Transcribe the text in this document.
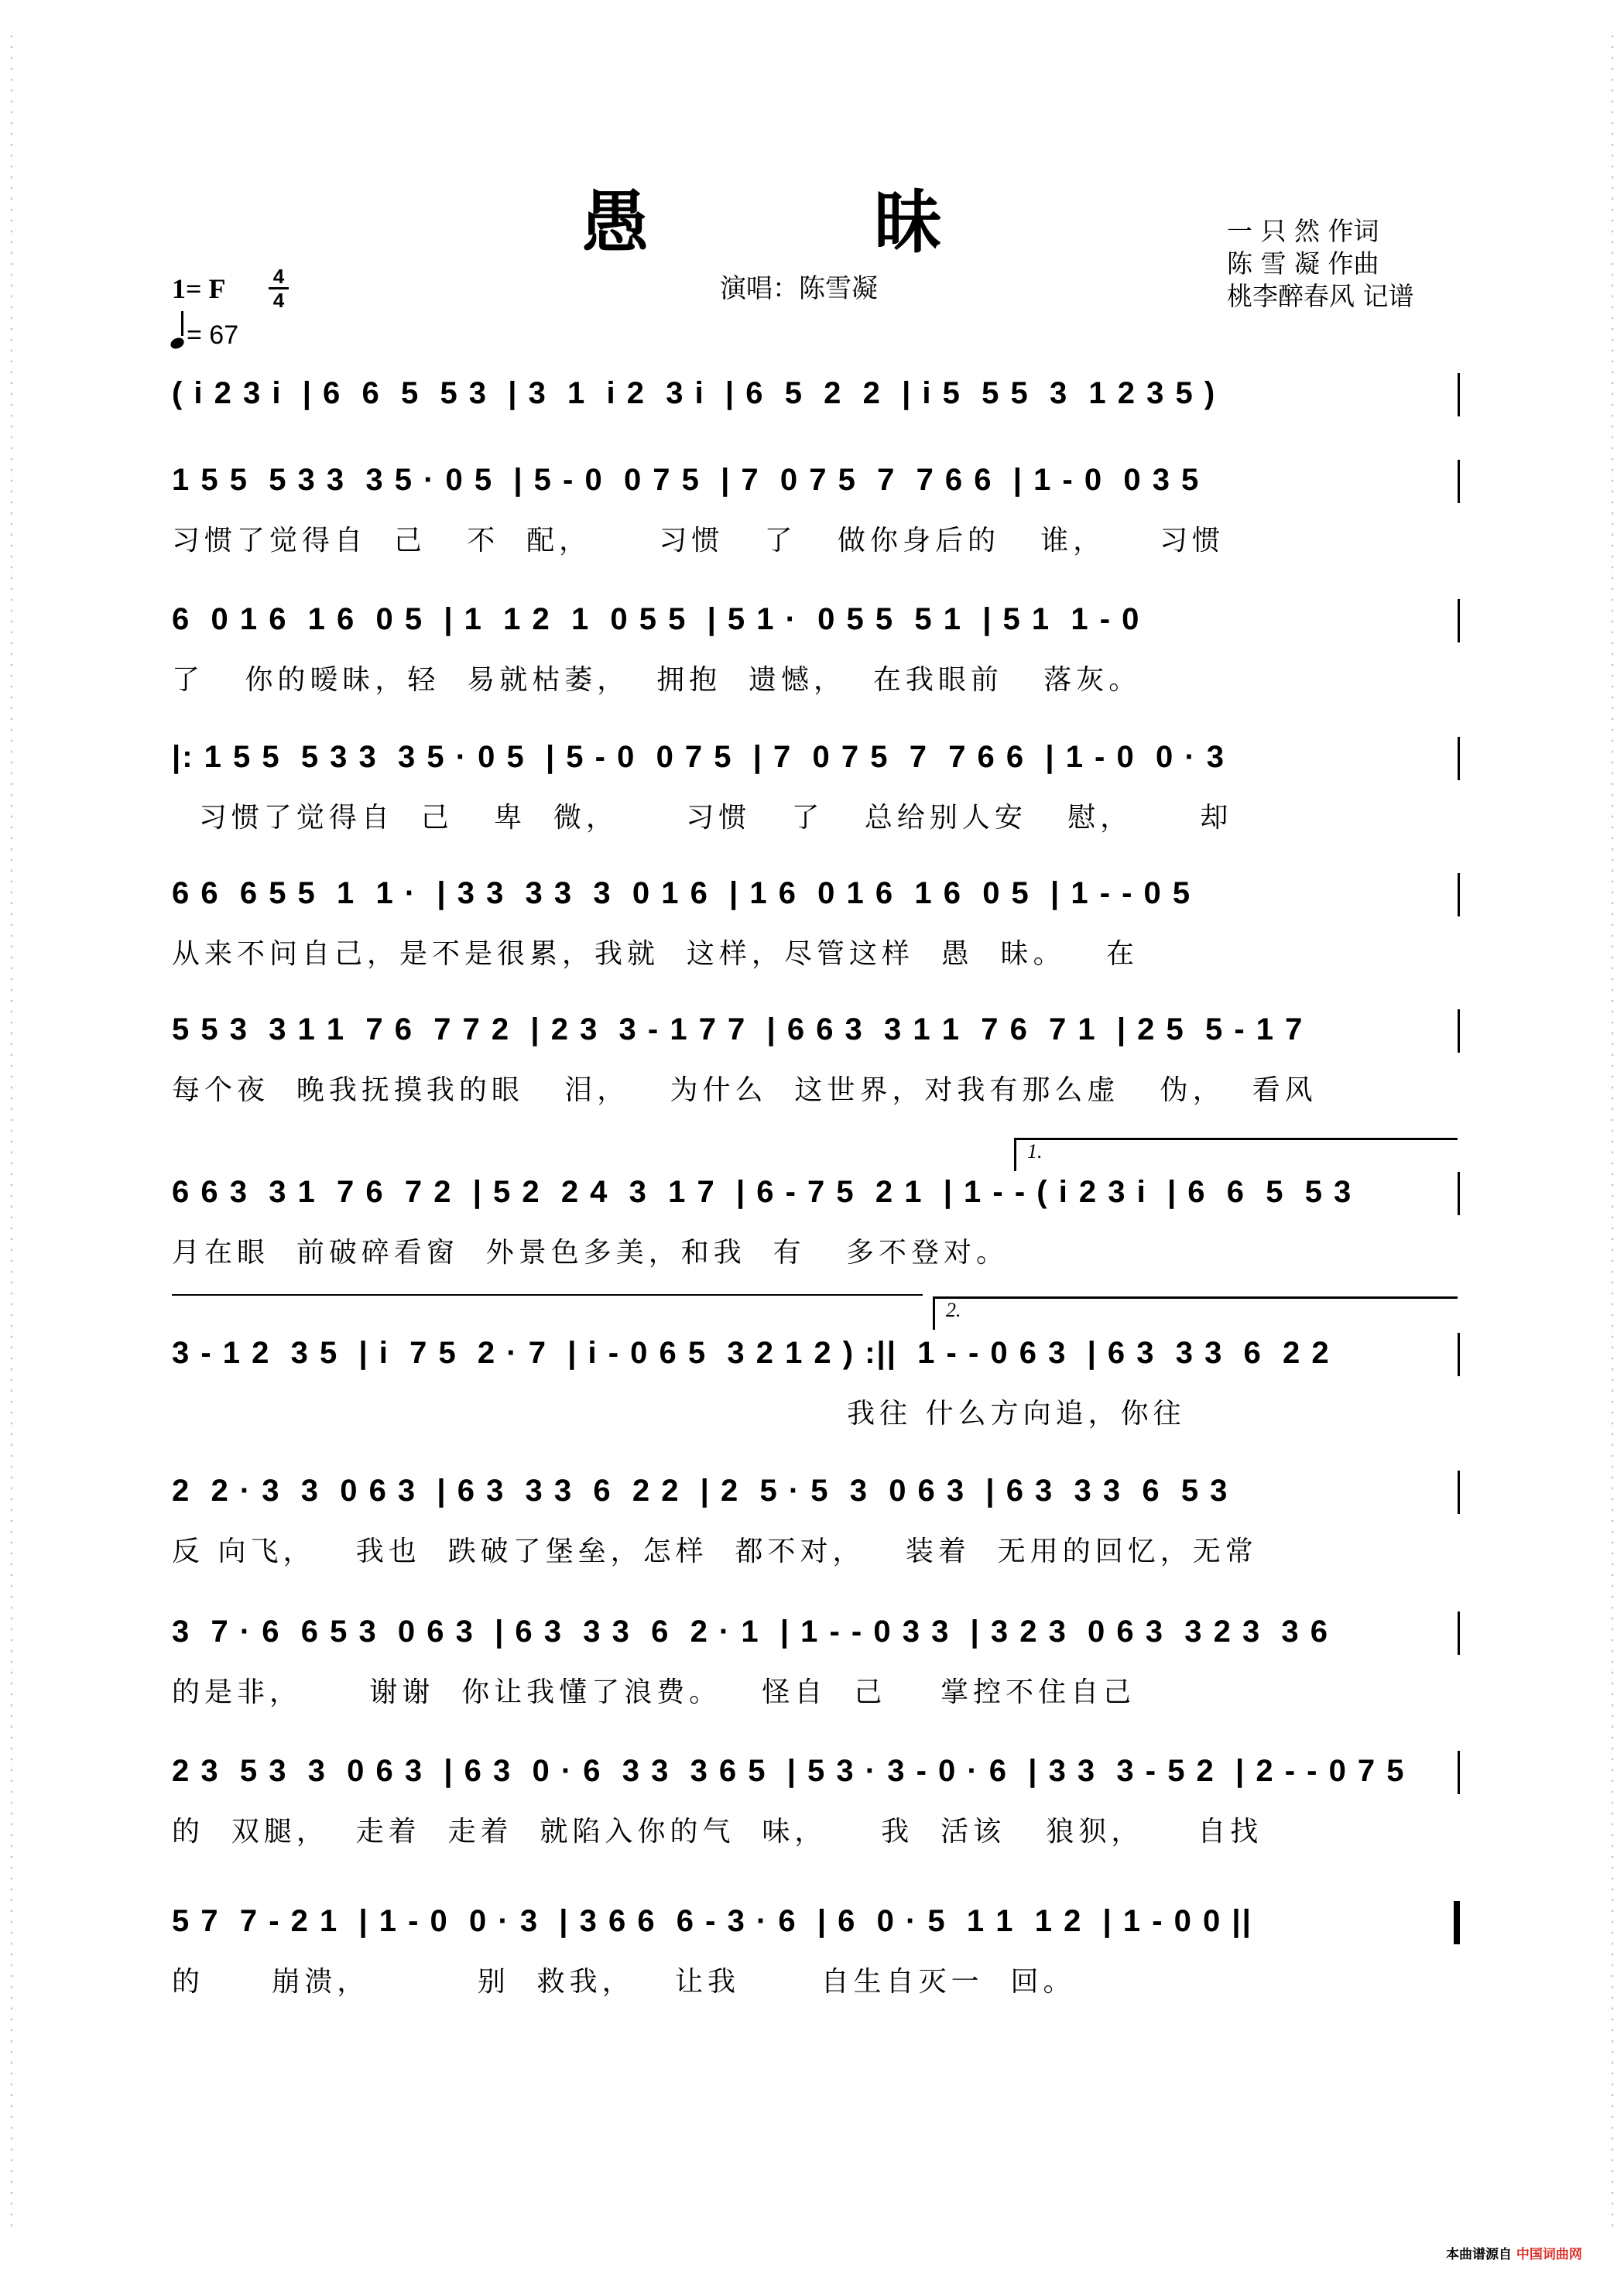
愚 昧	一 只 然 作词
陈 雪 凝 作曲
桃李醉春风 记谱
1= F 4
4
= 67
演唱：陈雪凝
( i 2 3 i  | 6  6  5  5 3  | 3  1  i 2  3 i  | 6  5  2  2  | i 5  5 5  3  1 2 3 5 )
1 5 5  5 3 3  3 5 · 0 5  | 5 - 0  0 7 5  | 7  0 7 5  7  7 6 6  | 1 - 0  0 3 5
习惯了觉得自  己   不  配，     习惯   了   做你身后的   谁，    习惯
6  0 1 6  1 6  0 5  | 1  1 2  1  0 5 5  | 5 1 ·  0 5 5  5 1  | 5 1  1 - 0
了   你的暧昧，轻  易就枯萎，  拥抱  遗憾，  在我眼前   落灰。
|: 1 5 5  5 3 3  3 5 · 0 5  | 5 - 0  0 7 5  | 7  0 7 5  7  7 6 6  | 1 - 0  0 · 3
习惯了觉得自  己   卑  微，     习惯   了   总给别人安   慰，     却
6 6  6 5 5  1  1 ·  | 3 3  3 3  3  0 1 6  | 1 6  0 1 6  1 6  0 5  | 1 - - 0 5
从来不问自己，是不是很累，我就  这样，尽管这样  愚  昧。   在
5 5 3  3 1 1  7 6  7 7 2  | 2 3  3 - 1 7 7  | 6 6 3  3 1 1  7 6  7 1  | 2 5  5 - 1 7
每个夜  晚我抚摸我的眼   泪，   为什么  这世界，对我有那么虚   伪，  看风
1.
6 6 3  3 1  7 6  7 2  | 5 2  2 4  3  1 7  | 6 - 7 5  2 1  | 1 - - ( i 2 3 i  | 6  6  5  5 3
月在眼  前破碎看窗  外景色多美，和我  有   多不登对。
2.
3 - 1 2  3 5  | i  7 5  2 · 7  | i - 0 6 5  3 2 1 2 ) :||  1 - - 0 6 3  | 6 3  3 3  6  2 2
我往 什么方向追，你往
2  2 · 3  3  0 6 3  | 6 3  3 3  6  2 2  | 2  5 · 5  3  0 6 3  | 6 3  3 3  6  5 3
反 向飞，   我也  跌破了堡垒，怎样  都不对，   装着  无用的回忆，无常
3  7 · 6  6 5 3  0 6 3  | 6 3  3 3  6  2 · 1  | 1 - - 0 3 3  | 3 2 3  0 6 3  3 2 3  3 6
的是非，     谢谢  你让我懂了浪费。   怪自  己    掌控不住自己
2 3  5 3  3  0 6 3  | 6 3  0 · 6  3 3  3 6 5  | 5 3 · 3 - 0 · 6  | 3 3  3 - 5 2  | 2 - - 0 7 5
的  双腿，  走着  走着  就陷入你的气  味，    我  活该   狼狈，    自找
5 7  7 - 2 1  | 1 - 0  0 · 3  | 3 6 6  6 - 3 · 6  | 6  0 · 5  1 1  1 2  | 1 - 0 0 ||
的     崩溃，        别  救我，   让我      自生自灭一  回。
本曲谱源自 中国词曲网
